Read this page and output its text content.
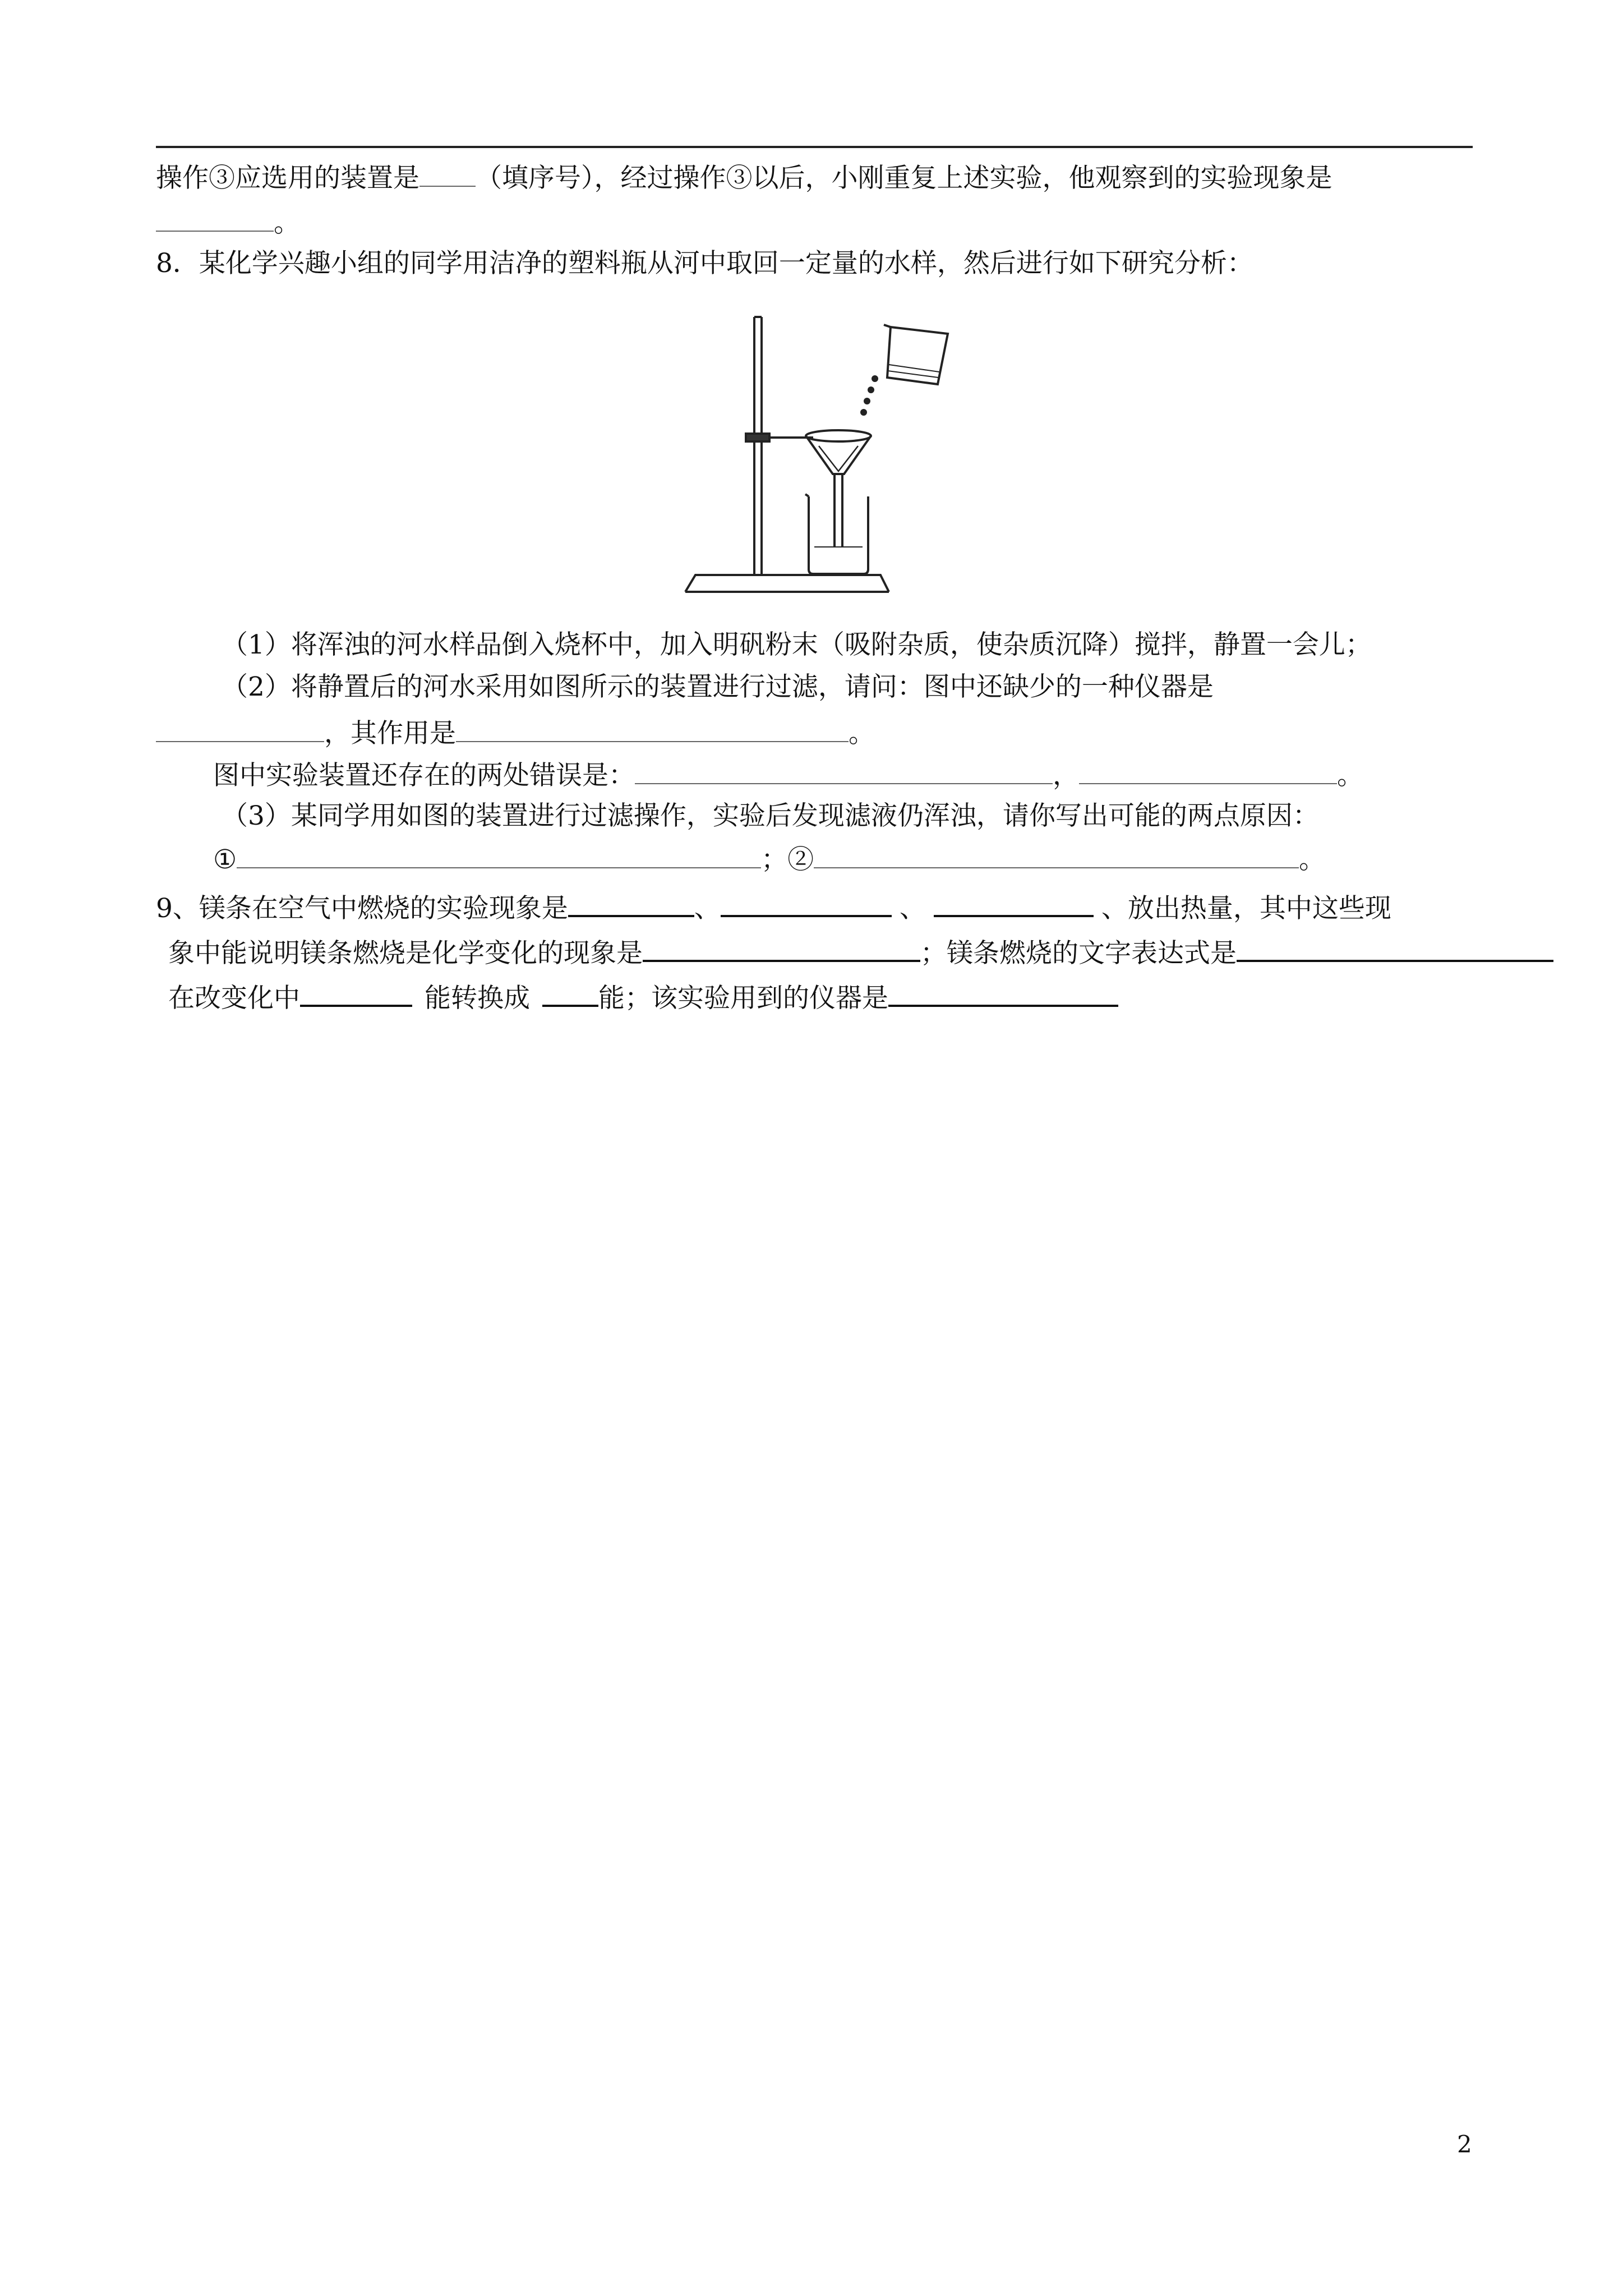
操作③应选用的装置是 （填序号），经过操作③以后，小刚重复上述实验，他观察到的实验现象是
。
8．某化学兴趣小组的同学用洁净的塑料瓶从河中取回一定量的水样，然后进行如下研究分析：
（1）将浑浊的河水样品倒入烧杯中，加入明矾粉末（吸附杂质，使杂质沉降）搅拌，静置一会儿；
（2）将静置后的河水采用如图所示的装置进行过滤，请问：图中还缺少的一种仪器是
，其作用是	。
图中实验装置还存在的两处错误是：	，	。
（3）某同学用如图的装置进行过滤操作，实验后发现滤液仍浑浊，请你写出可能的两点原因：
①	；②	。
9、镁条在空气中燃烧的实验现象是	、	、	、放出热量，其中这些现
象中能说明镁条燃烧是化学变化的现象是	；镁条燃烧的文字表达式是
在改变化中	能转换成	能；该实验用到的仪器是
2
